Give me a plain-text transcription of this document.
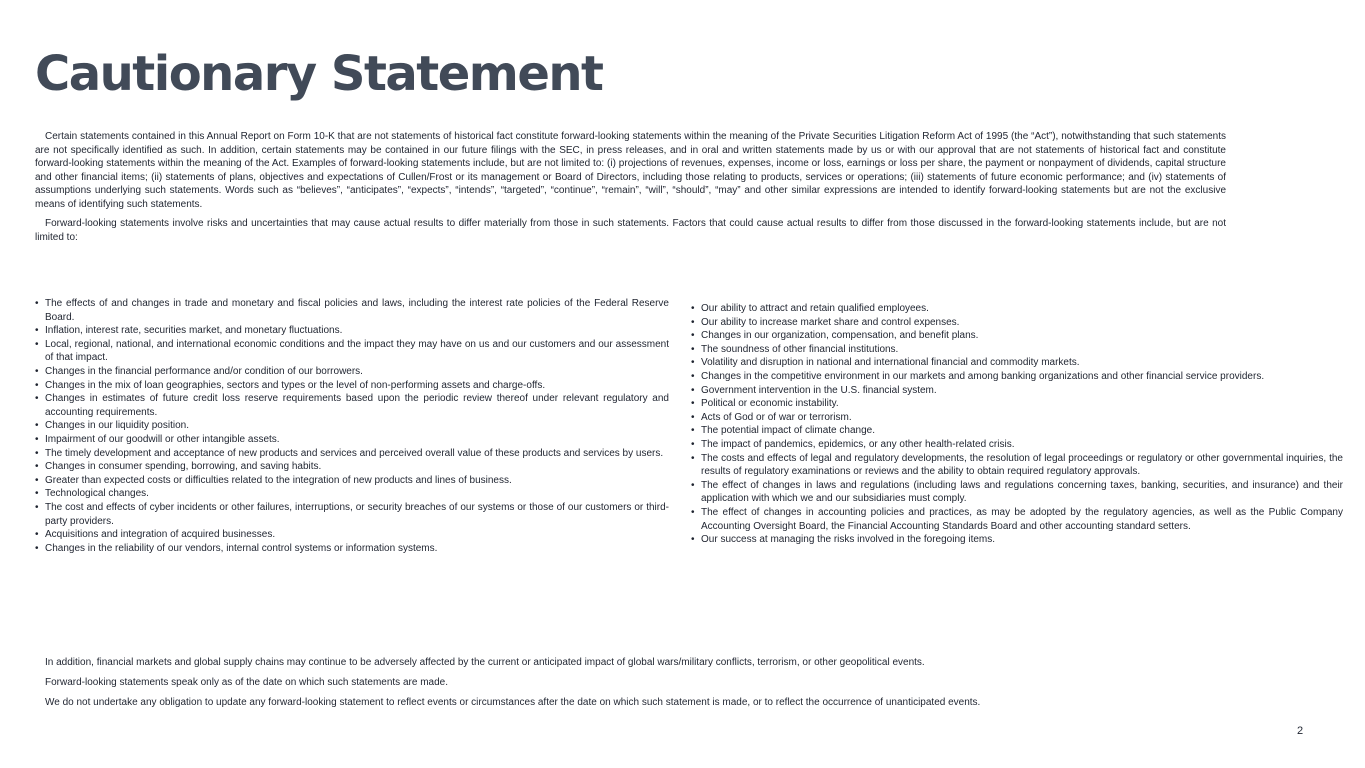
Cautionary Statement

Certain statements contained in this Annual Report on Form 10-K that are not statements of historical fact constitute forward-looking statements within the meaning of the Private Securities Litigation Reform Act of 1995 (the “Act”), notwithstanding that such statements are not specifically identified as such. In addition, certain statements may be contained in our future filings with the SEC, in press releases, and in oral and written statements made by us or with our approval that are not statements of historical fact and constitute forward-looking statements within the meaning of the Act. Examples of forward-looking statements include, but are not limited to: (i) projections of revenues, expenses, income or loss, earnings or loss per share, the payment or nonpayment of dividends, capital structure and other financial items; (ii) statements of plans, objectives and expectations of Cullen/Frost or its management or Board of Directors, including those relating to products, services or operations; (iii) statements of future economic performance; and (iv) statements of assumptions underlying such statements. Words such as “believes”, “anticipates”, “expects”, “intends”, “targeted”, “continue”, “remain”, “will”, “should”, “may” and other similar expressions are intended to identify forward-looking statements but are not the exclusive means of identifying such statements.

Forward-looking statements involve risks and uncertainties that may cause actual results to differ materially from those in such statements. Factors that could cause actual results to differ from those discussed in the forward-looking statements include, but are not limited to:

• The effects of and changes in trade and monetary and fiscal policies and laws, including the interest rate policies of the Federal Reserve Board.
• Inflation, interest rate, securities market, and monetary fluctuations.
• Local, regional, national, and international economic conditions and the impact they may have on us and our customers and our assessment of that impact.
• Changes in the financial performance and/or condition of our borrowers.
• Changes in the mix of loan geographies, sectors and types or the level of non-performing assets and charge-offs.
• Changes in estimates of future credit loss reserve requirements based upon the periodic review thereof under relevant regulatory and accounting requirements.
• Changes in our liquidity position.
• Impairment of our goodwill or other intangible assets.
• The timely development and acceptance of new products and services and perceived overall value of these products and services by users.
• Changes in consumer spending, borrowing, and saving habits.
• Greater than expected costs or difficulties related to the integration of new products and lines of business.
• Technological changes.
• The cost and effects of cyber incidents or other failures, interruptions, or security breaches of our systems or those of our customers or third-party providers.
• Acquisitions and integration of acquired businesses.
• Changes in the reliability of our vendors, internal control systems or information systems.
• Our ability to attract and retain qualified employees.
• Our ability to increase market share and control expenses.
• Changes in our organization, compensation, and benefit plans.
• The soundness of other financial institutions.
• Volatility and disruption in national and international financial and commodity markets.
• Changes in the competitive environment in our markets and among banking organizations and other financial service providers.
• Government intervention in the U.S. financial system.
• Political or economic instability.
• Acts of God or of war or terrorism.
• The potential impact of climate change.
• The impact of pandemics, epidemics, or any other health-related crisis.
• The costs and effects of legal and regulatory developments, the resolution of legal proceedings or regulatory or other governmental inquiries, the results of regulatory examinations or reviews and the ability to obtain required regulatory approvals.
• The effect of changes in laws and regulations (including laws and regulations concerning taxes, banking, securities, and insurance) and their application with which we and our subsidiaries must comply.
• The effect of changes in accounting policies and practices, as may be adopted by the regulatory agencies, as well as the Public Company Accounting Oversight Board, the Financial Accounting Standards Board and other accounting standard setters.
• Our success at managing the risks involved in the foregoing items.

In addition, financial markets and global supply chains may continue to be adversely affected by the current or anticipated impact of global wars/military conflicts, terrorism, or other geopolitical events.

Forward-looking statements speak only as of the date on which such statements are made.

We do not undertake any obligation to update any forward-looking statement to reflect events or circumstances after the date on which such statement is made, or to reflect the occurrence of unanticipated events.

2
